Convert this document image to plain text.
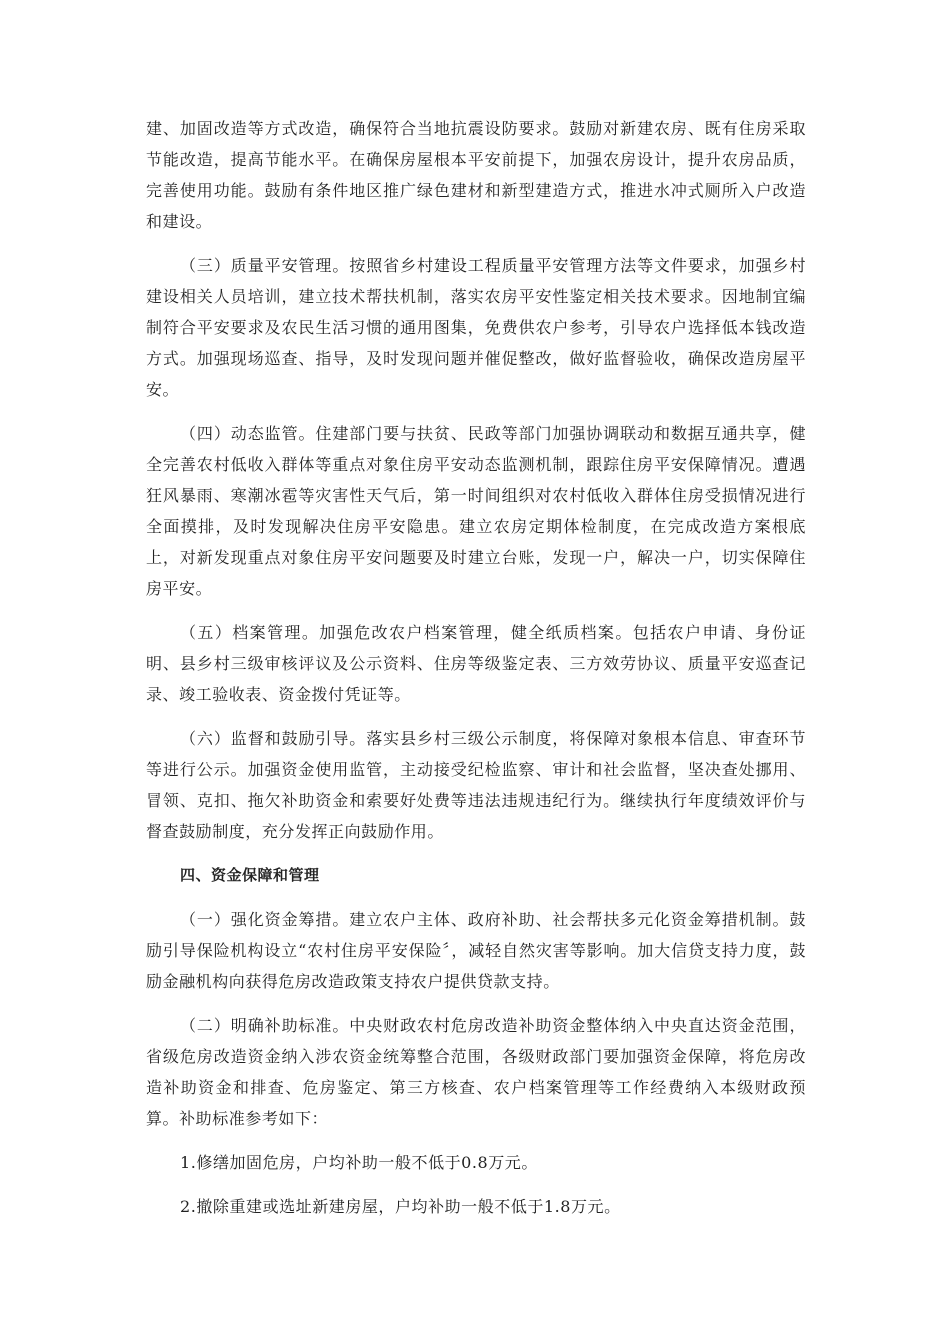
建、加固改造等方式改造，确保符合当地抗震设防要求。鼓励对新建农房、既有住房采取节能改造，提高节能水平。在确保房屋根本平安前提下，加强农房设计，提升农房品质，完善使用功能。鼓励有条件地区推广绿色建材和新型建造方式，推进水冲式厕所入户改造和建设。

（三）质量平安管理。按照省乡村建设工程质量平安管理方法等文件要求，加强乡村建设相关人员培训，建立技术帮扶机制，落实农房平安性鉴定相关技术要求。因地制宜编制符合平安要求及农民生活习惯的通用图集，免费供农户参考，引导农户选择低本钱改造方式。加强现场巡查、指导，及时发现问题并催促整改，做好监督验收，确保改造房屋平安。

（四）动态监管。住建部门要与扶贫、民政等部门加强协调联动和数据互通共享，健全完善农村低收入群体等重点对象住房平安动态监测机制，跟踪住房平安保障情况。遭遇狂风暴雨、寒潮冰雹等灾害性天气后，第一时间组织对农村低收入群体住房受损情况进行全面摸排，及时发现解决住房平安隐患。建立农房定期体检制度，在完成改造方案根底上，对新发现重点对象住房平安问题要及时建立台账，发现一户，解决一户，切实保障住房平安。

（五）档案管理。加强危改农户档案管理，健全纸质档案。包括农户申请、身份证明、县乡村三级审核评议及公示资料、住房等级鉴定表、三方效劳协议、质量平安巡查记录、竣工验收表、资金拨付凭证等。

（六）监督和鼓励引导。落实县乡村三级公示制度，将保障对象根本信息、审查环节等进行公示。加强资金使用监管，主动接受纪检监察、审计和社会监督，坚决查处挪用、冒领、克扣、拖欠补助资金和索要好处费等违法违规违纪行为。继续执行年度绩效评价与督查鼓励制度，充分发挥正向鼓励作用。

四、资金保障和管理

（一）强化资金筹措。建立农户主体、政府补助、社会帮扶多元化资金筹措机制。鼓励引导保险机构设立“农村住房平安保险〞，减轻自然灾害等影响。加大信贷支持力度，鼓励金融机构向获得危房改造政策支持农户提供贷款支持。

（二）明确补助标准。中央财政农村危房改造补助资金整体纳入中央直达资金范围，省级危房改造资金纳入涉农资金统筹整合范围，各级财政部门要加强资金保障，将危房改造补助资金和排查、危房鉴定、第三方核查、农户档案管理等工作经费纳入本级财政预算。补助标准参考如下：

1.修缮加固危房，户均补助一般不低于0.8万元。

2.撤除重建或选址新建房屋，户均补助一般不低于1.8万元。
